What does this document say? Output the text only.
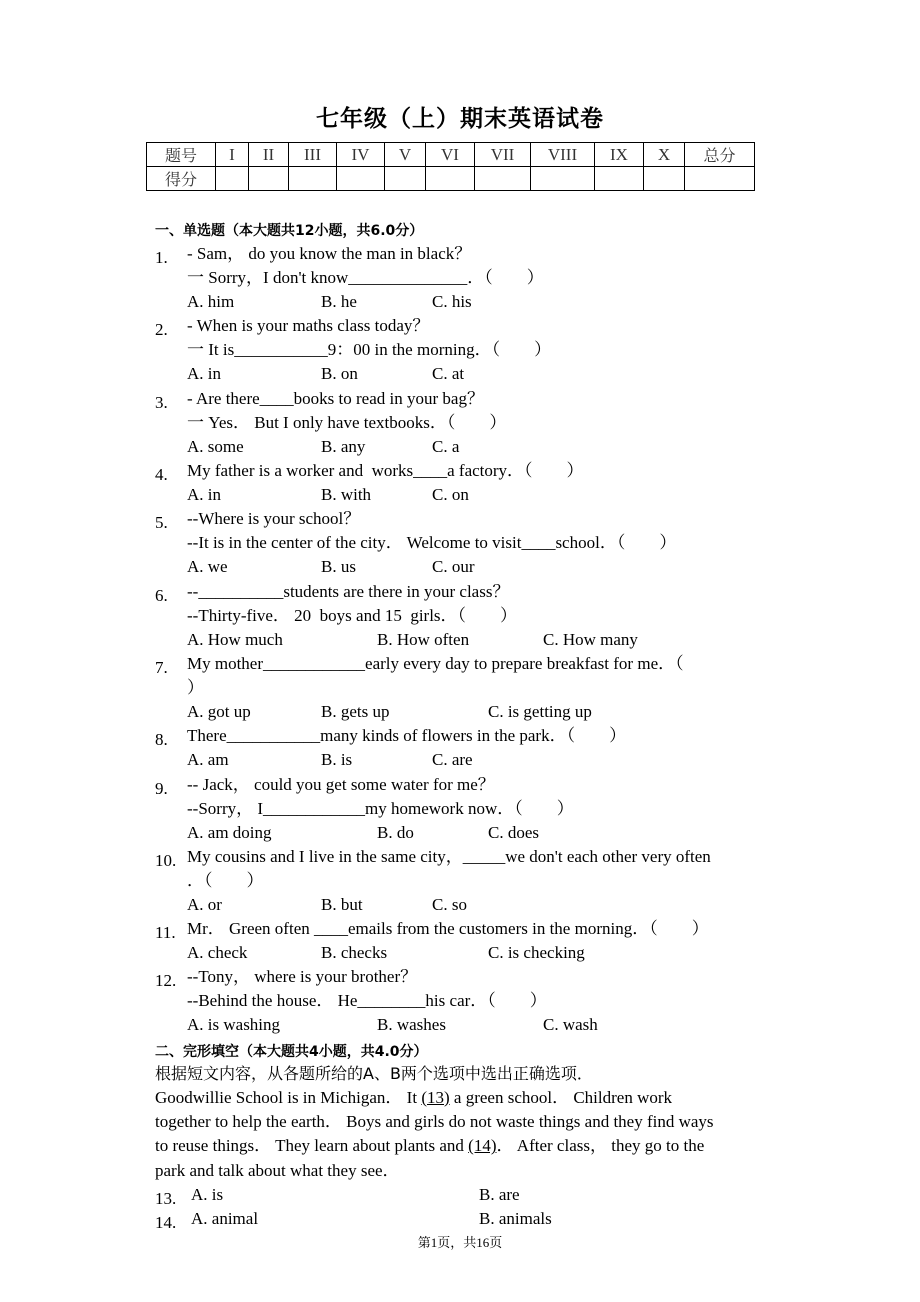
七年级（上）期末英语试卷
题号	I	II	III	IV	V	VI	VII	VIII	IX	X	总分
得分											
一、单选题（本大题共12小题，共6.0分）
1. - Sam， do you know the man in black？
一 Sorry，I don't know______________．（　　）
A. him	B. he	C. his
2. - When is your maths class today？
一 It is___________9：00 in the morning．（　　）
A. in	B. on	C. at
3. - Are there____books to read in your bag？
一 Yes． But I only have textbooks．（　　）
A. some	B. any	C. a
4. My father is a worker and  works____a factory．（　　）
A. in	B. with	C. on
5. --Where is your school？
--It is in the center of the city． Welcome to visit____school．（　　）
A. we	B. us	C. our
6. --__________students are there in your class？
--Thirty-five． 20  boys and 15  girls．（　　）
A. How much	B. How often	C. How many
7. My mother____________early every day to prepare breakfast for me．（
）
A. got up	B. gets up	C. is getting up
8. There___________many kinds of flowers in the park．（　　）
A. am	B. is	C. are
9. -- Jack， could you get some water for me？
--Sorry， I____________my homework now．（　　）
A. am doing	B. do	C. does
10. My cousins and I live in the same city，_____we don't each other very often
．（　　）
A. or	B. but	C. so
11. Mr． Green often ____emails from the customers in the morning．（　　）
A. check	B. checks	C. is checking
12. --Tony， where is your brother？
--Behind the house． He________his car．（　　）
A. is washing	B. washes	C. wash
二、完形填空（本大题共4小题，共4.0分）
根据短文内容，从各题所给的A、B两个选项中选出正确选项．
Goodwillie School is in Michigan． It (13) a green school． Children work
together to help the earth． Boys and girls do not waste things and they find ways
to reuse things． They learn about plants and (14)． After class， they go to the
park and talk about what they see．
13. A. is	B. are
14. A. animal	B. animals
第1页，共16页
